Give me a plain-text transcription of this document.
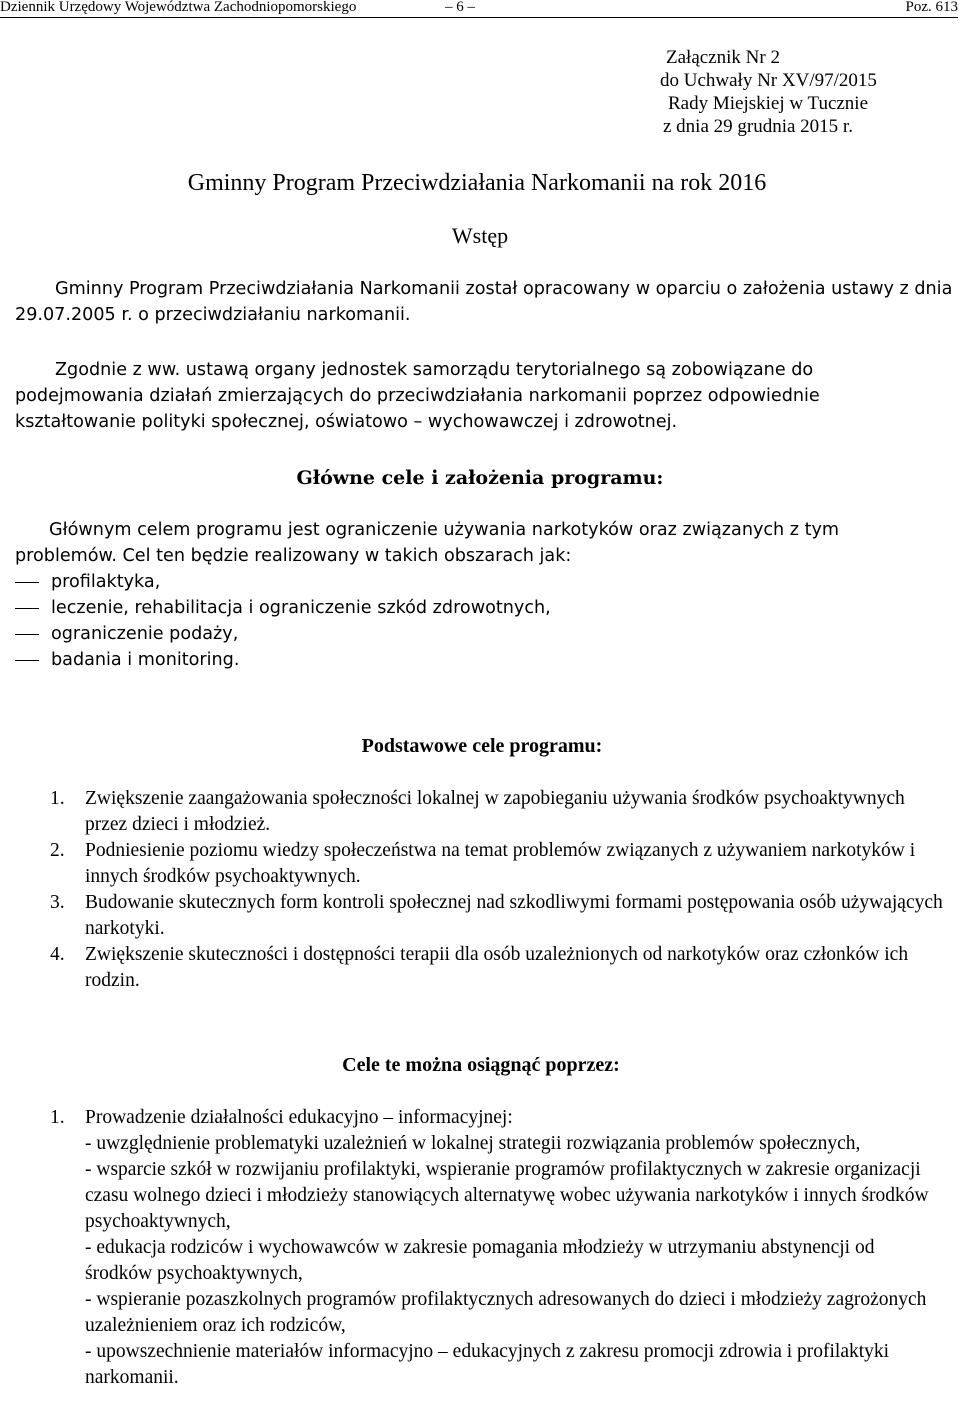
Dziennik Urzędowy Województwa Zachodniopomorskiego	– 6 –	Poz. 613
Załącznik Nr 2
do Uchwały Nr XV/97/2015
Rady Miejskiej w Tucznie
z dnia 29 grudnia 2015 r.
Gminny Program Przeciwdziałania Narkomanii na rok 2016
Wstęp

Gminny Program Przeciwdziałania Narkomanii został opracowany w oparciu o założenia ustawy z dnia 29.07.2005 r. o przeciwdziałaniu narkomanii.

Zgodnie z ww. ustawą organy jednostek samorządu terytorialnego są zobowiązane do podejmowania działań zmierzających do przeciwdziałania narkomanii poprzez odpowiednie kształtowanie polityki społecznej, oświatowo – wychowawczej i zdrowotnej.

Główne cele i założenia programu:

Głównym celem programu jest ograniczenie używania narkotyków oraz związanych z tym problemów. Cel ten będzie realizowany w takich obszarach jak:

profilaktyka,
leczenie, rehabilitacja i ograniczenie szkód zdrowotnych,
ograniczenie podaży,
badania i monitoring.
Podstawowe cele programu:

1. Zwiększenie zaangażowania społeczności lokalnej w zapobieganiu używania środków psychoaktywnych przez dzieci i młodzież.

2. Podniesienie poziomu wiedzy społeczeństwa na temat problemów związanych z używaniem narkotyków i innych środków psychoaktywnych.

3. Budowanie skutecznych form kontroli społecznej nad szkodliwymi formami postępowania osób używających narkotyki.

4. Zwiększenie skuteczności i dostępności terapii dla osób uzależnionych od narkotyków oraz członków ich rodzin.

Cele te można osiągnąć poprzez:

1. Prowadzenie działalności edukacyjno – informacyjnej:

- uwzględnienie problematyki uzależnień w lokalnej strategii rozwiązania problemów społecznych,

- wsparcie szkół w rozwijaniu profilaktyki, wspieranie programów profilaktycznych w zakresie organizacji czasu wolnego dzieci i młodzieży stanowiących alternatywę wobec używania narkotyków i innych środków psychoaktywnych,

- edukacja rodziców i wychowawców w zakresie pomagania młodzieży w utrzymaniu abstynencji od środków psychoaktywnych,

- wspieranie pozaszkolnych programów profilaktycznych adresowanych do dzieci i młodzieży zagrożonych uzależnieniem oraz ich rodziców,

- upowszechnienie materiałów informacyjno – edukacyjnych z zakresu promocji zdrowia i profilaktyki narkomanii.
